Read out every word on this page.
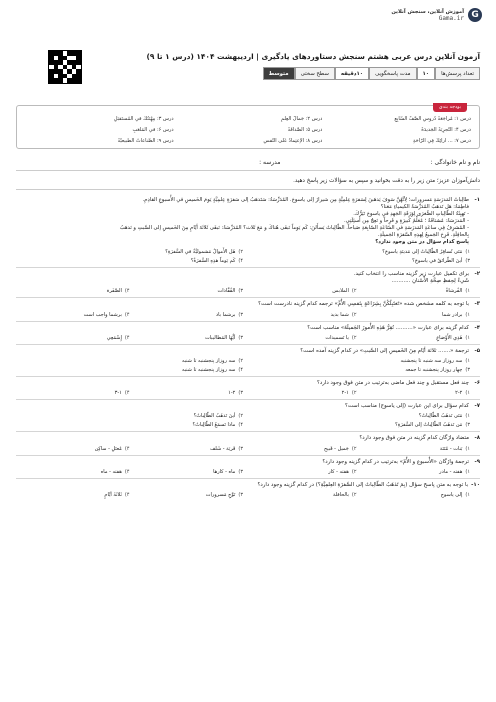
G
آموزش آنلاین، سنجش آنلاین
Gama.ir
آزمون آنلاین درس عربی هشتم سنجش دستاوردهای یادگیری | اردیبهشت ۱۴۰۴ (درس ۱ تا ۹)
تعداد پرسش‌ها
۱۰
مدت پاسخگویی
۱۰دقیقه
سطح سختی
متوسط
بودجه بندی
درس ۱: مُراجَعَةُ دُروسِ الصَّفِّ السّابِعِ
درس ۲: جَمالُ العِلمِ
درس ۳: مِهْنَتُكَ في المُستَقبَلِ
درس ۴: التَّجرِبَةُ الجَديدَةُ
درس ۵: الصَّداقَةُ
درس ۶: في المَلعَبِ
درس ۷: ... آرائِكَ فِي الرّاحَةِ
درس ۸: الاِعتِمادُ عَلَى النَّفسِ
درس ۹: الصِّناعاتُ الطّبيعيَّةُ
نام و نام خانوادگی :
مدرسه :
دانش‌آموزان عزیز؛ متن زیر را به دقت بخوانید و سپس به سؤالات زیر پاسخ دهید.
۱-

طالِباتُ المَدرَسَةِ مَسرورات؛ لِأنَّهُنَّ سَوفَ يَذهَبنَ لِسَفرَةٍ عِلمِيَّةٍ مِن شيرازَ إلى ياسوجَ. المُدَرِّسَةُ: سَتَذهَبُ إلى سَفرَةٍ عِلمِيَّةٍ يَومَ الخَميسِ في الأُسبوعِ القادِمِ.

فاطِمَةُ: هَل تَذهَبُ المُدَرِّسَةُ الكيمياءِ مَعَنا؟

- تَهيِئَةُ الطّالِباتِ الصُّغرَى لِوَرَقَةِ الجَهدِ في ياسوجَ تَيَرُّكَ.

- المَدرَسَةُ: مُشتاقَةٌ ؛ مُعَلِّمُ كَبيرَةٍ و فَرِحاً و نَعِجُ مِن أسئِلَتِي.

- المُشرِفُ فِي ساعَةِ المَدرَسَةِ في السّاعَةِ السّابِعَةِ صَباحاً. الطّالِباتُ يَسأَلنَ: كَم يَوماً نَبقَى هُناكَ و مَعَ ثَلاث؟ المُدَرِّسَةُ: نَبقَى ثَلاثَةَ أيّامٍ مِنَ الخَميسِ إلى السَّبتِ و نَذهَبُ

بِالحافِلَةِ. فَرِحَ الجَميعُ لِهذِهِ السَّفرَةِ الجَميلَةِ.

پاسخ کدام سؤال در متن وجود ندارد؟

۱)
مَتَى تُسافِرُ الطّالِباتُ إلى مَدينَةِ ياسوجَ؟
۲)
هَل الأَموالُ مَشموليَّةٌ في السَّفرَةِ؟
۳)
أينَ الطّرائقُ في ياسوجَ؟
۴)
كَم يَوماً هذِهِ السَّفرَةُ؟
۲-
برای تکمیل عبارت زیر گزینه مناسب را انتخاب کنید.
شَيءٌ لِحِفظِ صِحَّةِ الأَسْنانِ ...........
۱)
الفُرشاةُ
۲)
الملابس
۳)
القُفَّاذات
۴)
الصَّفَرة
۳-
با توجه به کلمه مشخص شده «تَغتَبِلُكُنَّ بِشِرَاعَةٍ بِنَفسِي الأُمِّ» ترجمه کدام گزینه نادرست است؟
۱)
برادر شما
۲)
شما بدید
۳)
برشما باد
۴)
برشما واجب است
۴-
کدام گزینه برای عبارت «.......... نُقِرُّ هَذِهِ الأُمورَ الجَميلَةَ» مناسب است؟
۱)
هَذِي الأَوْضاعِ
۲)
يا تَسميذات
۳)
أيُّهَا المَطاليبات
۴)
إِسْمَعِي
۵-
ترجمة «....... ثلاثة أيّام مِنَ الخَميسِ إلى السَّبتِ» در کدام گزینه آمده است؟
۱)
سه روزاز سه شنبه تا پنجشنبه
۲)
سه روزاز پنجشنبه تا شنبه
۳)
چهار روزاز پنجشنبه تا جمعه
۴)
سه روزاز پنجشنبه تا شنبه
۶-
چند فعل مستقبل و چند فعل ماضی به‌ترتیب در متن فوق وجود دارد؟
۱)
۲-۲
۲)
۲-۱
۳)
۱-۲
۴)
۳-۱
۷-
کدام سؤال برای این عبارت (إلى ياسوج) مناسب است؟
۱)
مَتَى تَذهَبُ الطّالِباتُ؟
۲)
أينَ تَذهَبُ الطّالِباتُ؟
۳)
مَن تَذهَبُ الطّالِباتُ إلى السَّفرَةِ؟
۴)
ماذا تَسمَعُ الطّالِباتُ؟
۸-
متضاد واژگان کدام گزینه در متن فوق وجود دارد؟
۱)
بَنات - مُتَنَة
۲)
جَميل - قَبيح
۳)
قَريَة - شَلف
۴)
مُعتَلِ - ساكِن
۹-
ترجمة واژگان «الأُسبوع و الأُمّ» به‌ترتیب در کدام گزینه وجود دارد؟
۱)
هفته - مادر
۲)
هفته - کار
۳)
ماه - کارها
۴)
هفته - ماه
۱۰-
با توجه به متن پاسخ سؤال (بِمَ تَذهَبُ الطّالِباتُ إلى السَّفرَةِ العِلمِيَّةِ؟) در کدام گزینه وجود دارد؟
۱)
إلى ياسوج
۲)
بالحافلة
۳)
تَوَّجِ مَسرورات
۴)
ثَلاثَةَ أيّامٍ
